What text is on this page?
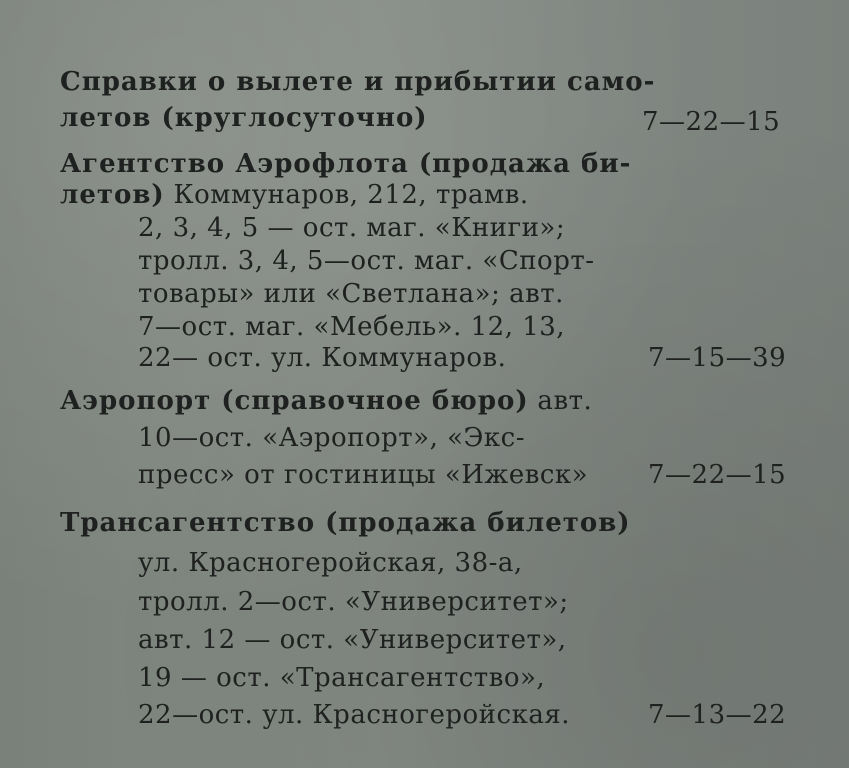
Справки о вылете и прибытии само-
летов (круглосуточно)	7—22—15
Агентство Аэрофлота (продажа би-
летов) Коммунаров, 212, трамв.
2, 3, 4, 5 — ост. маг. «Книги»;
тролл. 3, 4, 5—ост. маг. «Спорт-
товары» или «Светлана»; авт.
7—ост. маг. «Мебель». 12, 13,
22— ост. ул. Коммунаров.	7—15—39
Аэропорт (справочное бюро) авт.
10—ост. «Аэропорт», «Экс-
пресс» от гостиницы «Ижевск» 7—22—15
Трансагентство (продажа билетов)
ул. Красногеройская, 38-а,
тролл. 2—ост. «Университет»;
авт. 12 — ост. «Университет»,
19 — ост. «Трансагентство»,
22—ост. ул. Красногеройская.	7—13—22
